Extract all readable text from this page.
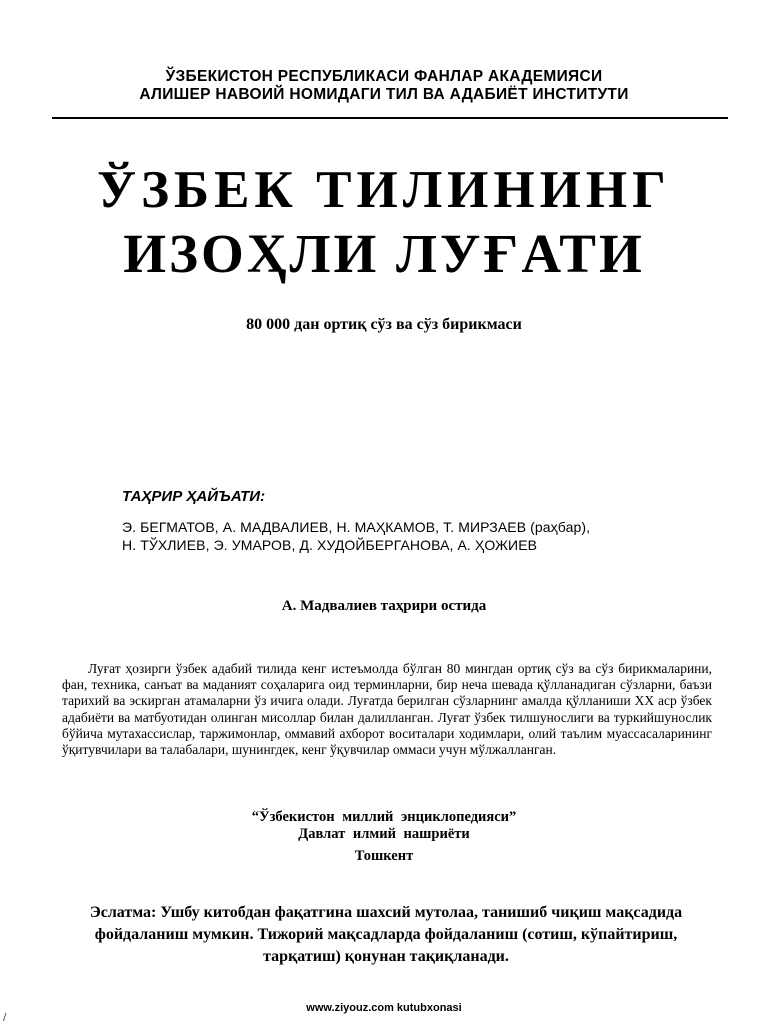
ЎЗБЕКИСТОН РЕСПУБЛИКАСИ ФАНЛАР АКАДЕМИЯСИ
АЛИШЕР НАВОИЙ НОМИДАГИ ТИЛ ВА АДАБИЁТ ИНСТИТУТИ
ЎЗБЕК ТИЛИНИНГ
ИЗОҲЛИ ЛУҒАТИ
80 000 дан ортиқ сўз ва сўз бирикмаси
ТАҲРИР ҲАЙЪАТИ:
Э. БЕГМАТОВ, А. МАДВАЛИЕВ, Н. МАҲКАМОВ, Т. МИРЗАЕВ (раҳбар),
Н. ТЎХЛИЕВ, Э. УМАРОВ, Д. ХУДОЙБЕРГАНОВА, А. ҲОЖИЕВ
А. Мадвалиев таҳрири остида
Луғат ҳозирги ўзбек адабий тилида кенг истеъмолда бўлган 80 мингдан ортиқ сўз ва сўз бирикмаларини, фан, техника, санъат ва маданият соҳаларига оид терминларни, бир неча шевада қўлланадиган сўзларни, баъзи тарихий ва эскирган атамаларни ўз ичига олади. Луғатда берилган сўзларнинг амалда қўлланиши XX аср ўзбек адабиёти ва матбуотидан олинган мисоллар билан далилланган. Луғат ўзбек тилшунослиги ва туркийшунослик бўйича мутахассислар, таржимонлар, оммавий ахборот воситалари ходимлари, олий таълим муассасаларининг ўқитувчилари ва талабалари, шунингдек, кенг ўқувчилар оммаси учун мўлжалланган.
“Ўзбекистон миллий энциклопедияси”
Давлат илмий нашриёти
Тошкент
Эслатма: Ушбу китобдан фақатгина шахсий мутолаа, танишиб чиқиш мақсадида фойдаланиш мумкин. Тижорий мақсадларда фойдаланиш (сотиш, кўпайтириш, тарқатиш) қонунан тақиқланади.
www.ziyouz.com kutubxonasi
/
